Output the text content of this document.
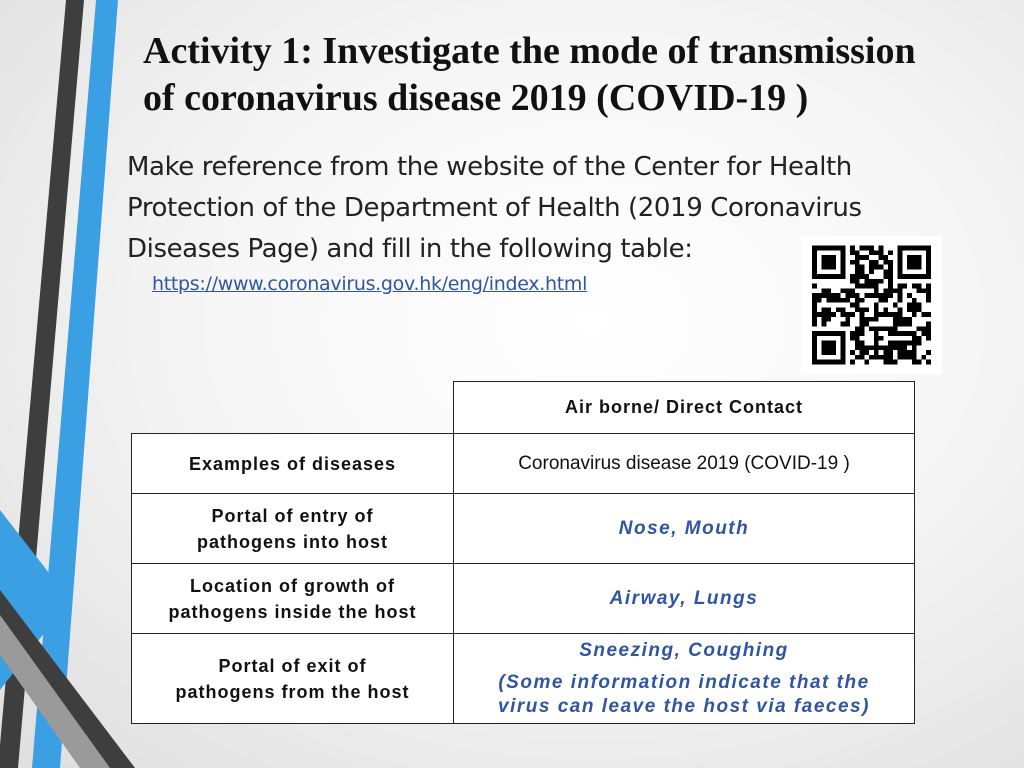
Activity 1: Investigate the mode of transmission
of coronavirus disease 2019 (COVID-19 )

Make reference from the website of the Center for Health
Protection of the Department of Health (2019 Coronavirus
Diseases Page) and fill in the following table:

https://www.coronavirus.gov.hk/eng/index.html
	Air borne/ Direct Contact
Examples of diseases	Coronavirus disease 2019 (COVID-19 )
Portal of entry of
pathogens into host	Nose, Mouth
Location of growth of
pathogens inside the host	Airway, Lungs
Portal of exit of
pathogens from the host	Sneezing, Coughing
(Some information indicate that the
virus can leave the host via faeces)
